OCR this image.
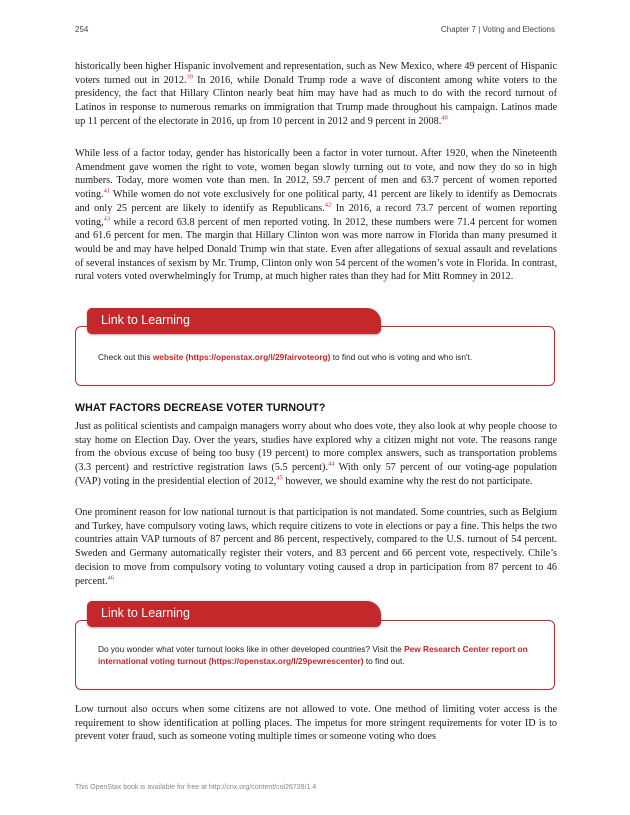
254	Chapter 7 | Voting and Elections

historically been higher Hispanic involvement and representation, such as New Mexico, where 49 percent of Hispanic voters turned out in 2012.39 In 2016, while Donald Trump rode a wave of discontent among white voters to the presidency, the fact that Hillary Clinton nearly beat him may have had as much to do with the record turnout of Latinos in response to numerous remarks on immigration that Trump made throughout his campaign. Latinos made up 11 percent of the electorate in 2016, up from 10 percent in 2012 and 9 percent in 2008.40

While less of a factor today, gender has historically been a factor in voter turnout. After 1920, when the Nineteenth Amendment gave women the right to vote, women began slowly turning out to vote, and now they do so in high numbers. Today, more women vote than men. In 2012, 59.7 percent of men and 63.7 percent of women reported voting.$^{41}$ While women do not vote exclusively for one political party, 41 percent are likely to identify as Democrats and only 25 percent are likely to identify as Republicans.$^{42}$ In 2016, a record 73.7 percent of women reporting voting,$^{43}$ while a record 63.8 percent of men reported voting. In 2012, these numbers were 71.4 percent for women and 61.6 percent for men. The margin that Hillary Clinton won was more narrow in Florida than many presumed it would be and may have helped Donald Trump win that state. Even after allegations of sexual assault and revelations of several instances of sexism by Mr. Trump, Clinton only won 54 percent of the women’s vote in Florida. In contrast, rural voters voted overwhelmingly for Trump, at much higher rates than they had for Mitt Romney in 2012.

Link to Learning
Check out this website (https://openstax.org/l/29fairvoteorg) to find out who is voting and who isn't.
WHAT FACTORS DECREASE VOTER TURNOUT?

Just as political scientists and campaign managers worry about who does vote, they also look at why people choose to stay home on Election Day. Over the years, studies have explored why a citizen might not vote. The reasons range from the obvious excuse of being too busy (19 percent) to more complex answers, such as transportation problems (3.3 percent) and restrictive registration laws (5.5 percent).$^{44}$ With only 57 percent of our voting-age population (VAP) voting in the presidential election of 2012,45 however, we should examine why the rest do not participate.

One prominent reason for low national turnout is that participation is not mandated. Some countries, such as Belgium and Turkey, have compulsory voting laws, which require citizens to vote in elections or pay a fine. This helps the two countries attain VAP turnouts of 87 percent and 86 percent, respectively, compared to the U.S. turnout of 54 percent. Sweden and Germany automatically register their voters, and 83 percent and 66 percent vote, respectively. Chile’s decision to move from compulsory voting to voluntary voting caused a drop in participation from 87 percent to 46 percent.$^{46}$

Link to Learning
Do you wonder what voter turnout looks like in other developed countries? Visit the Pew Research Center report on international voting turnout (https://openstax.org/l/29pewrescenter) to find out.

Low turnout also occurs when some citizens are not allowed to vote. One method of limiting voter access is the requirement to show identification at polling places. The impetus for more stringent requirements for voter ID is to prevent voter fraud, such as someone voting multiple times or someone voting who does

This OpenStax book is available for free at http://cnx.org/content/col26739/1.4
